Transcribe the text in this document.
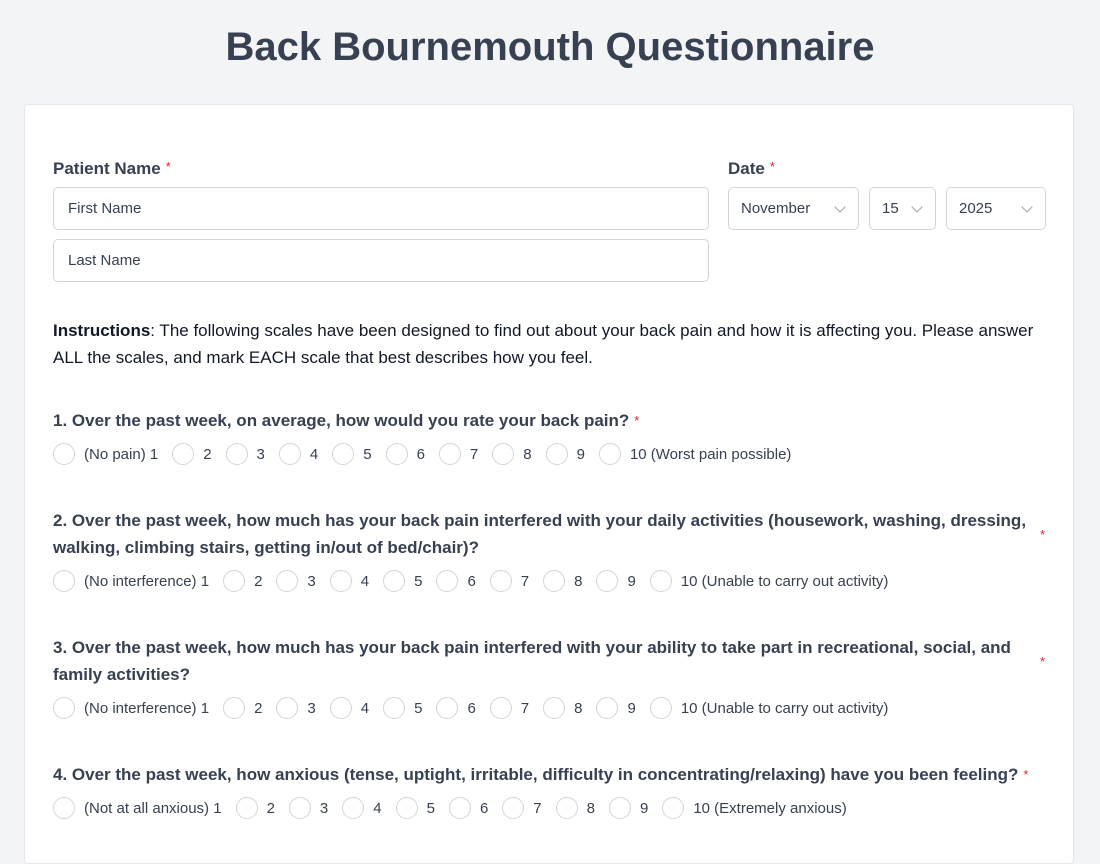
Back Bournemouth Questionnaire
Patient Name *
First Name
Last Name	Date *
November	15	2025

Instructions: The following scales have been designed to find out about your back pain and how it is affecting you. Please answer ALL the scales, and mark EACH scale that best describes how you feel.

1. Over the past week, on average, how would you rate your back pain? *
(No pain) 1	2	3	4	5	6	7	8	9	10 (Worst pain possible)
2. Over the past week, how much has your back pain interfered with your daily activities (housework, washing, dressing, walking, climbing stairs, getting in/out of bed/chair)?
*
(No interference) 1	2	3	4	5	6	7	8	9	10 (Unable to carry out activity)
3. Over the past week, how much has your back pain interfered with your ability to take part in recreational, social, and family activities?
*
(No interference) 1	2	3	4	5	6	7	8	9	10 (Unable to carry out activity)
4. Over the past week, how anxious (tense, uptight, irritable, difficulty in concentrating/relaxing) have you been feeling? *
(Not at all anxious) 1	2	3	4	5	6	7	8	9	10 (Extremely anxious)
